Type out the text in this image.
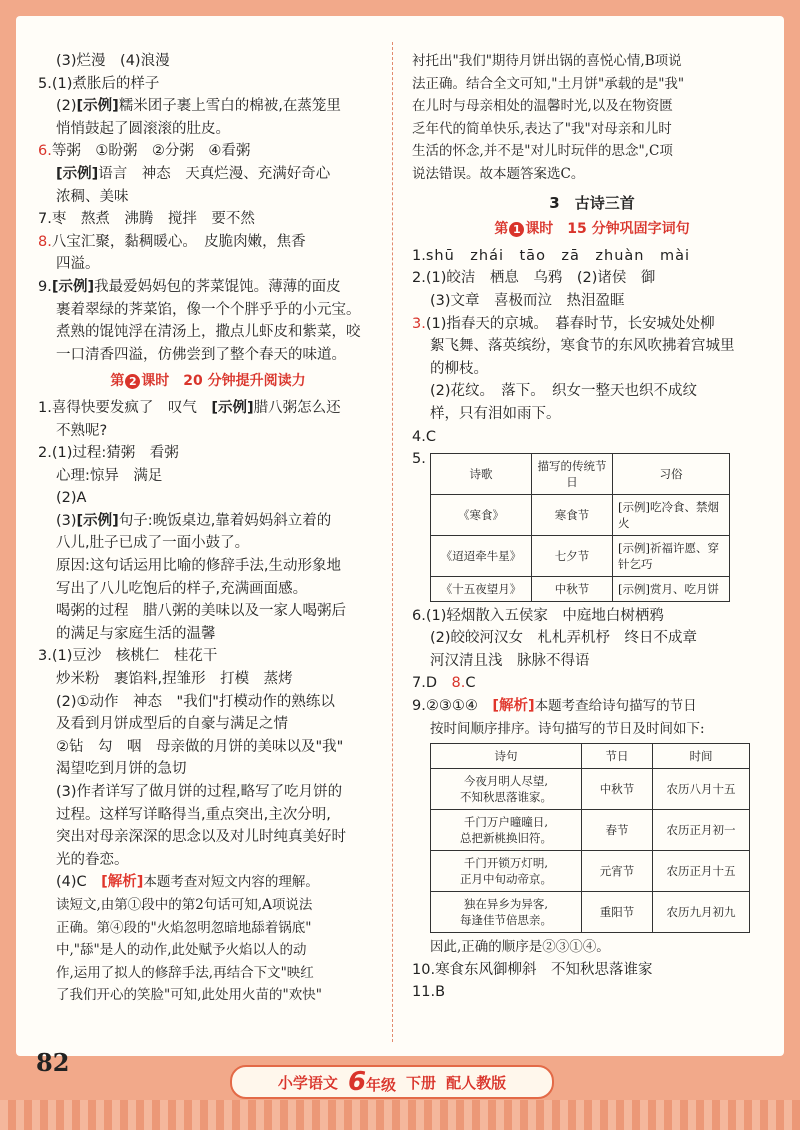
(3)烂漫　(4)浪漫
5.(1)煮胀后的样子
(2)[示例]糯米团子裹上雪白的棉被,在蒸笼里
悄悄鼓起了圆滚滚的肚皮。
6.等粥　①盼粥　②分粥　④看粥
[示例]语言　神态　天真烂漫、充满好奇心
浓稠、美味
7.枣　熬煮　沸腾　搅拌　要不然
8.八宝汇聚，黏稠暖心。　皮脆肉嫩，焦香
四溢。
9.[示例]我最爱妈妈包的荠菜馄饨。薄薄的面皮
裹着翠绿的荠菜馅，像一个个胖乎乎的小元宝。
煮熟的馄饨浮在清汤上，撒点儿虾皮和紫菜，咬
一口清香四溢，仿佛尝到了整个春天的味道。
第 2 课时　20 分钟提升阅读力
1.喜得快要发疯了　叹气　[示例]腊八粥怎么还
不熟呢?
2.(1)过程:猜粥　看粥
心理:惊异　满足
(2)A
(3)[示例]句子:晚饭桌边,靠着妈妈斜立着的
八儿,肚子已成了一面小鼓了。
原因:这句话运用比喻的修辞手法,生动形象地
写出了八儿吃饱后的样子,充满画面感。
喝粥的过程　腊八粥的美味以及一家人喝粥后
的满足与家庭生活的温馨
3.(1)豆沙　核桃仁　桂花干
炒米粉　裹馅料,捏雏形　打模　蒸烤
(2)①动作　神态　"我们"打模动作的熟练以
及看到月饼成型后的自豪与满足之情
②钻　勾　咽　母亲做的月饼的美味以及"我"
渴望吃到月饼的急切
(3)作者详写了做月饼的过程,略写了吃月饼的
过程。这样写详略得当,重点突出,主次分明,
突出对母亲深深的思念以及对儿时纯真美好时
光的眷恋。
(4)C　[解析]本题考查对短文内容的理解。
读短文,由第①段中的第2句话可知,A项说法
正确。第④段的"火焰忽明忽暗地舔着锅底"
中,"舔"是人的动作,此处赋予火焰以人的动
作,运用了拟人的修辞手法,再结合下文"映红
了我们开心的笑脸"可知,此处用火苗的"欢快"
衬托出"我们"期待月饼出锅的喜悦心情,B项说
法正确。结合全文可知,"土月饼"承载的是"我"
在儿时与母亲相处的温馨时光,以及在物资匮
乏年代的简单快乐,表达了"我"对母亲和儿时
生活的怀念,并不是"对儿时玩伴的思念",C项
说法错误。故本题答案选C。
3　古诗三首
第 1 课时　15 分钟巩固字词句
1.shū　zhái　tāo　zā　zhuàn　mài
2.(1)皎洁　栖息　乌鸦　(2)诸侯　御
(3)文章　喜极而泣　热泪盈眶
3.(1)指春天的京城。　暮春时节，长安城处处柳
絮飞舞、落英缤纷，寒食节的东风吹拂着宫城里
的柳枝。
(2)花纹。　落下。　织女一整天也织不成纹
样，只有泪如雨下。
4.C
5.
诗歌	描写的传统节日	习俗
《寒食》	寒食节	[示例]吃冷食、禁烟火
《迢迢牵牛星》	七夕节	[示例]祈福许愿、穿针乞巧
《十五夜望月》	中秋节	[示例]赏月、吃月饼
6.(1)轻烟散入五侯家　中庭地白树栖鸦
(2)皎皎河汉女　札札弄机杼　终日不成章
河汉清且浅　脉脉不得语
7.D　8.C
9.②③①④　[解析]本题考查给诗句描写的节日
按时间顺序排序。诗句描写的节日及时间如下:
诗句	节日	时间
今夜月明人尽望,
不知秋思落谁家。	中秋节	农历八月十五
千门万户曈曈日,
总把新桃换旧符。	春节	农历正月初一
千门开锁万灯明,
正月中旬动帝京。	元宵节	农历正月十五
独在异乡为异客,
每逢佳节倍思亲。	重阳节	农历九月初九
因此,正确的顺序是②③①④。
10.寒食东风御柳斜　不知秋思落谁家
11.B
82
小学语文 6年级 下册 配人教版
